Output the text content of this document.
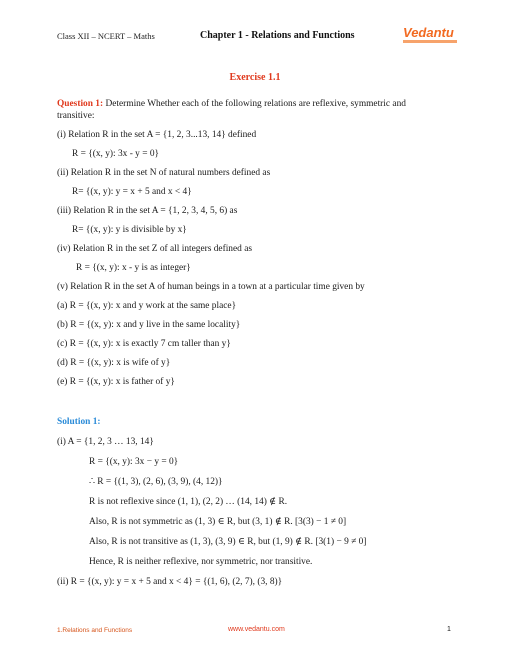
Class XII – NCERT – Maths	Chapter 1 - Relations and Functions	Vedantu
Exercise 1.1
Question 1: Determine Whether each of the following relations are reflexive, symmetric and
transitive:
(i) Relation R in the set A = {1, 2, 3...13, 14} defined
R = {(x, y): 3x - y = 0}
(ii) Relation R in the set N of natural numbers defined as
R= {(x, y): y = x + 5 and x < 4}
(iii) Relation R in the set A = {1, 2, 3, 4, 5, 6) as
R= {(x, y): y is divisible by x}
(iv) Relation R in the set Z of all integers defined as
R = {(x, y): x - y is as integer}
(v) Relation R in the set A of human beings in a town at a particular time given by
(a) R = {(x, y): x and y work at the same place}
(b) R = {(x, y): x and y live in the same locality}
(c) R = {(x, y): x is exactly 7 cm taller than y}
(d) R = {(x, y): x is wife of y}
(e) R = {(x, y): x is father of y}
Solution 1:
(i) A = {1, 2, 3 … 13, 14}
R = {(x, y): 3x − y = 0}
∴ R = {(1, 3), (2, 6), (3, 9), (4, 12)}
R is not reflexive since (1, 1), (2, 2) … (14, 14) ∉ R.
Also, R is not symmetric as (1, 3) ∈ R, but (3, 1) ∉ R. [3(3) − 1 ≠ 0]
Also, R is not transitive as (1, 3), (3, 9) ∈ R, but (1, 9) ∉ R. [3(1) − 9 ≠ 0]
Hence, R is neither reflexive, nor symmetric, nor transitive.
(ii) R = {(x, y): y = x + 5 and x < 4} = {(1, 6), (2, 7), (3, 8)}
1.Relations and Functions	www.vedantu.com	1
